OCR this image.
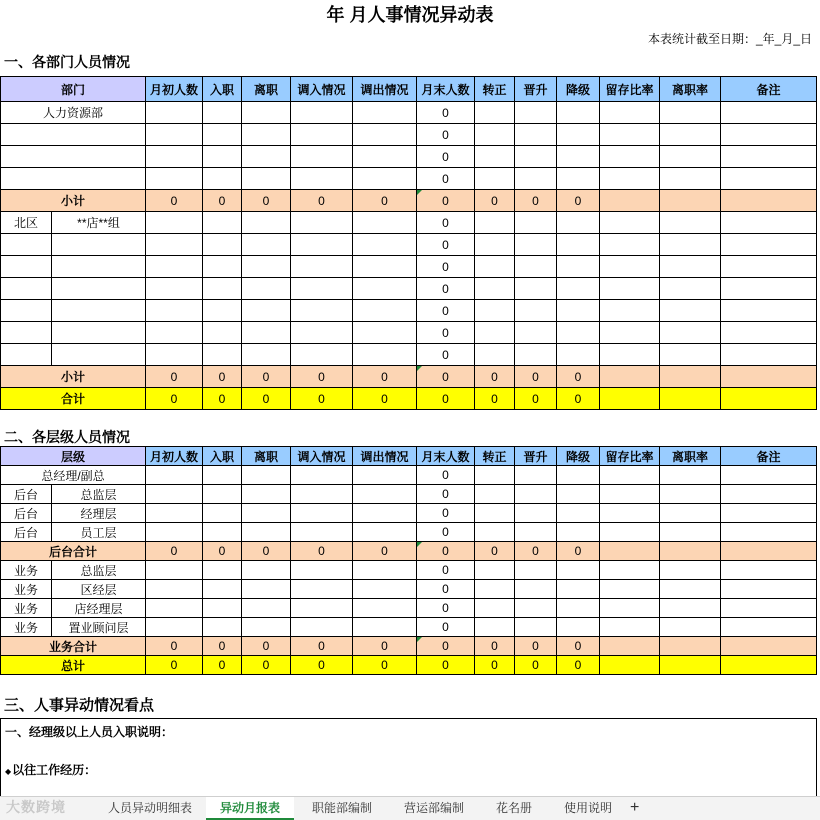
年 月人事情况异动表
本表统计截至日期：_年_月_日
一、各部门人员情况
部门		月初人数	入职	离职	调入情况	调出情况	月末人数	转正	晋升	降级	留存比率	离职率	备注
人力资源部							0						
							0						
							0						
							0						
小计		0	0	0	0	0	0	0	0	0			
北区	**店**组						0						
							0						
							0						
							0						
							0						
							0						
							0						
小计		0	0	0	0	0	0	0	0	0			
合计		0	0	0	0	0	0	0	0	0			
二、各层级人员情况
层级		月初人数	入职	离职	调入情况	调出情况	月末人数	转正	晋升	降级	留存比率	离职率	备注
总经理/副总							0						
后台	总监层						0						
后台	经理层						0						
后台	员工层						0						
后台合计		0	0	0	0	0	0	0	0	0			
业务	总监层						0						
业务	区经层						0						
业务	店经理层						0						
业务	置业顾问层						0						
业务合计		0	0	0	0	0	0	0	0	0			
总计		0	0	0	0	0	0	0	0	0			
三、人事异动情况看点
一、经理级以上人员入职说明：
◆ 以往工作经历：
人员异动明细表	异动月报表	职能部编制	营运部编制	花名册	使用说明	+
大数跨境
